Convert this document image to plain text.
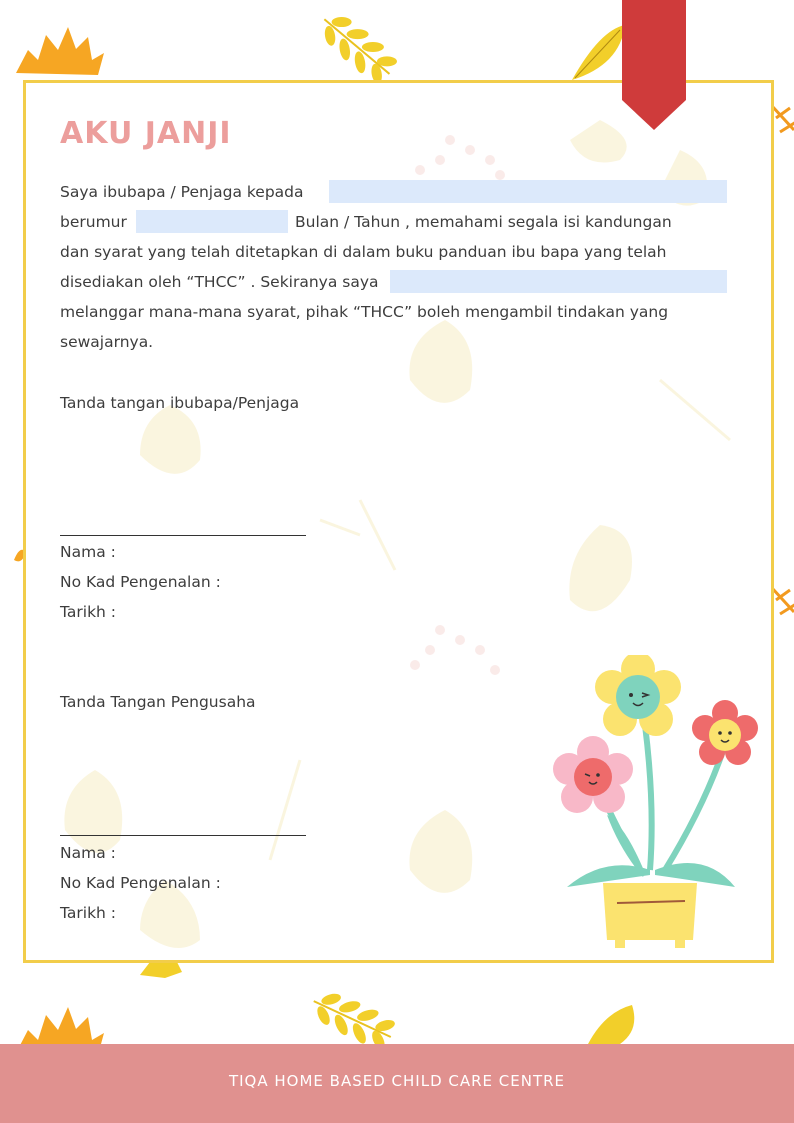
AKU JANJI
Saya ibubapa / Penjaga kepada
berumur	Bulan / Tahun , memahami segala isi kandungan
dan syarat yang telah ditetapkan di dalam buku panduan ibu bapa yang telah
disediakan oleh “THCC” . Sekiranya saya
melanggar mana-mana syarat, pihak “THCC” boleh mengambil tindakan yang
sewajarnya.
Tanda tangan ibubapa/Penjaga
Nama :
No Kad Pengenalan :
Tarikh :
Tanda Tangan Pengusaha
Nama :
No Kad Pengenalan :
Tarikh :
TIQA HOME BASED CHILD CARE CENTRE
